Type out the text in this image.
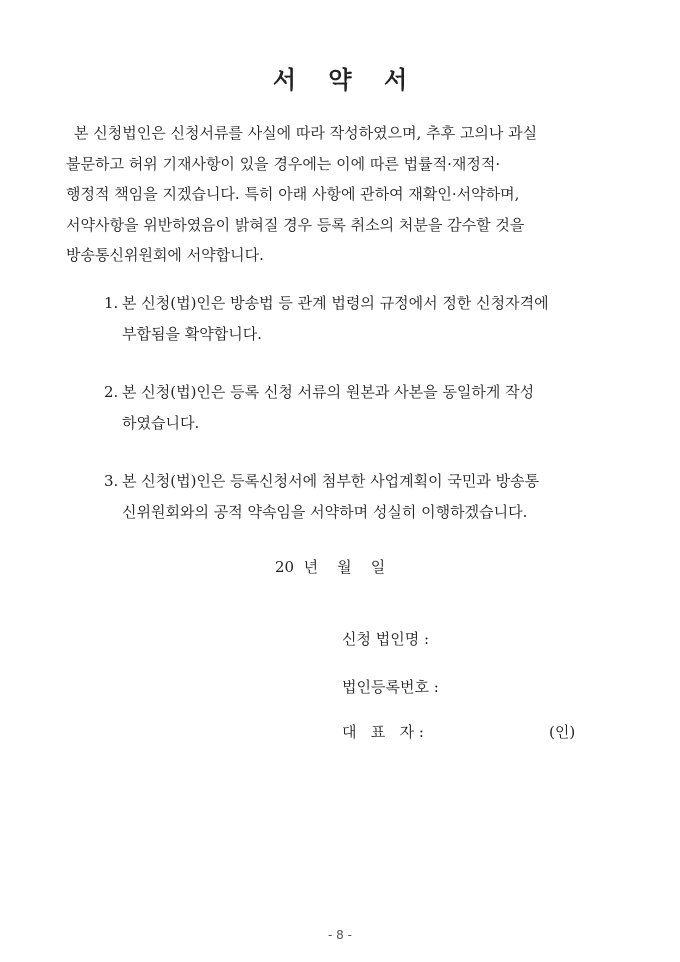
서 약 서
본 신청법인은 신청서류를 사실에 따라 작성하였으며, 추후 고의나 과실
불문하고 허위 기재사항이 있을 경우에는 이에 따른 법률적·재정적·
행정적 책임을 지겠습니다. 특히 아래 사항에 관하여 재확인·서약하며,
서약사항을 위반하였음이 밝혀질 경우 등록 취소의 처분을 감수할 것을
방송통신위원회에 서약합니다.
1. 본 신청(법)인은 방송법 등 관계 법령의 규정에서 정한 신청자격에
부합됨을 확약합니다.
2. 본 신청(법)인은 등록 신청 서류의 원본과 사본을 동일하게 작성
하였습니다.
3. 본 신청(법)인은 등록신청서에 첨부한 사업계획이 국민과 방송통
신위원회와의 공적 약속임을 서약하며 성실히 이행하겠습니다.
20  년    월    일
신청 법인명 :
법인등록번호 :
대   표   자 :	(인)
- 8 -
